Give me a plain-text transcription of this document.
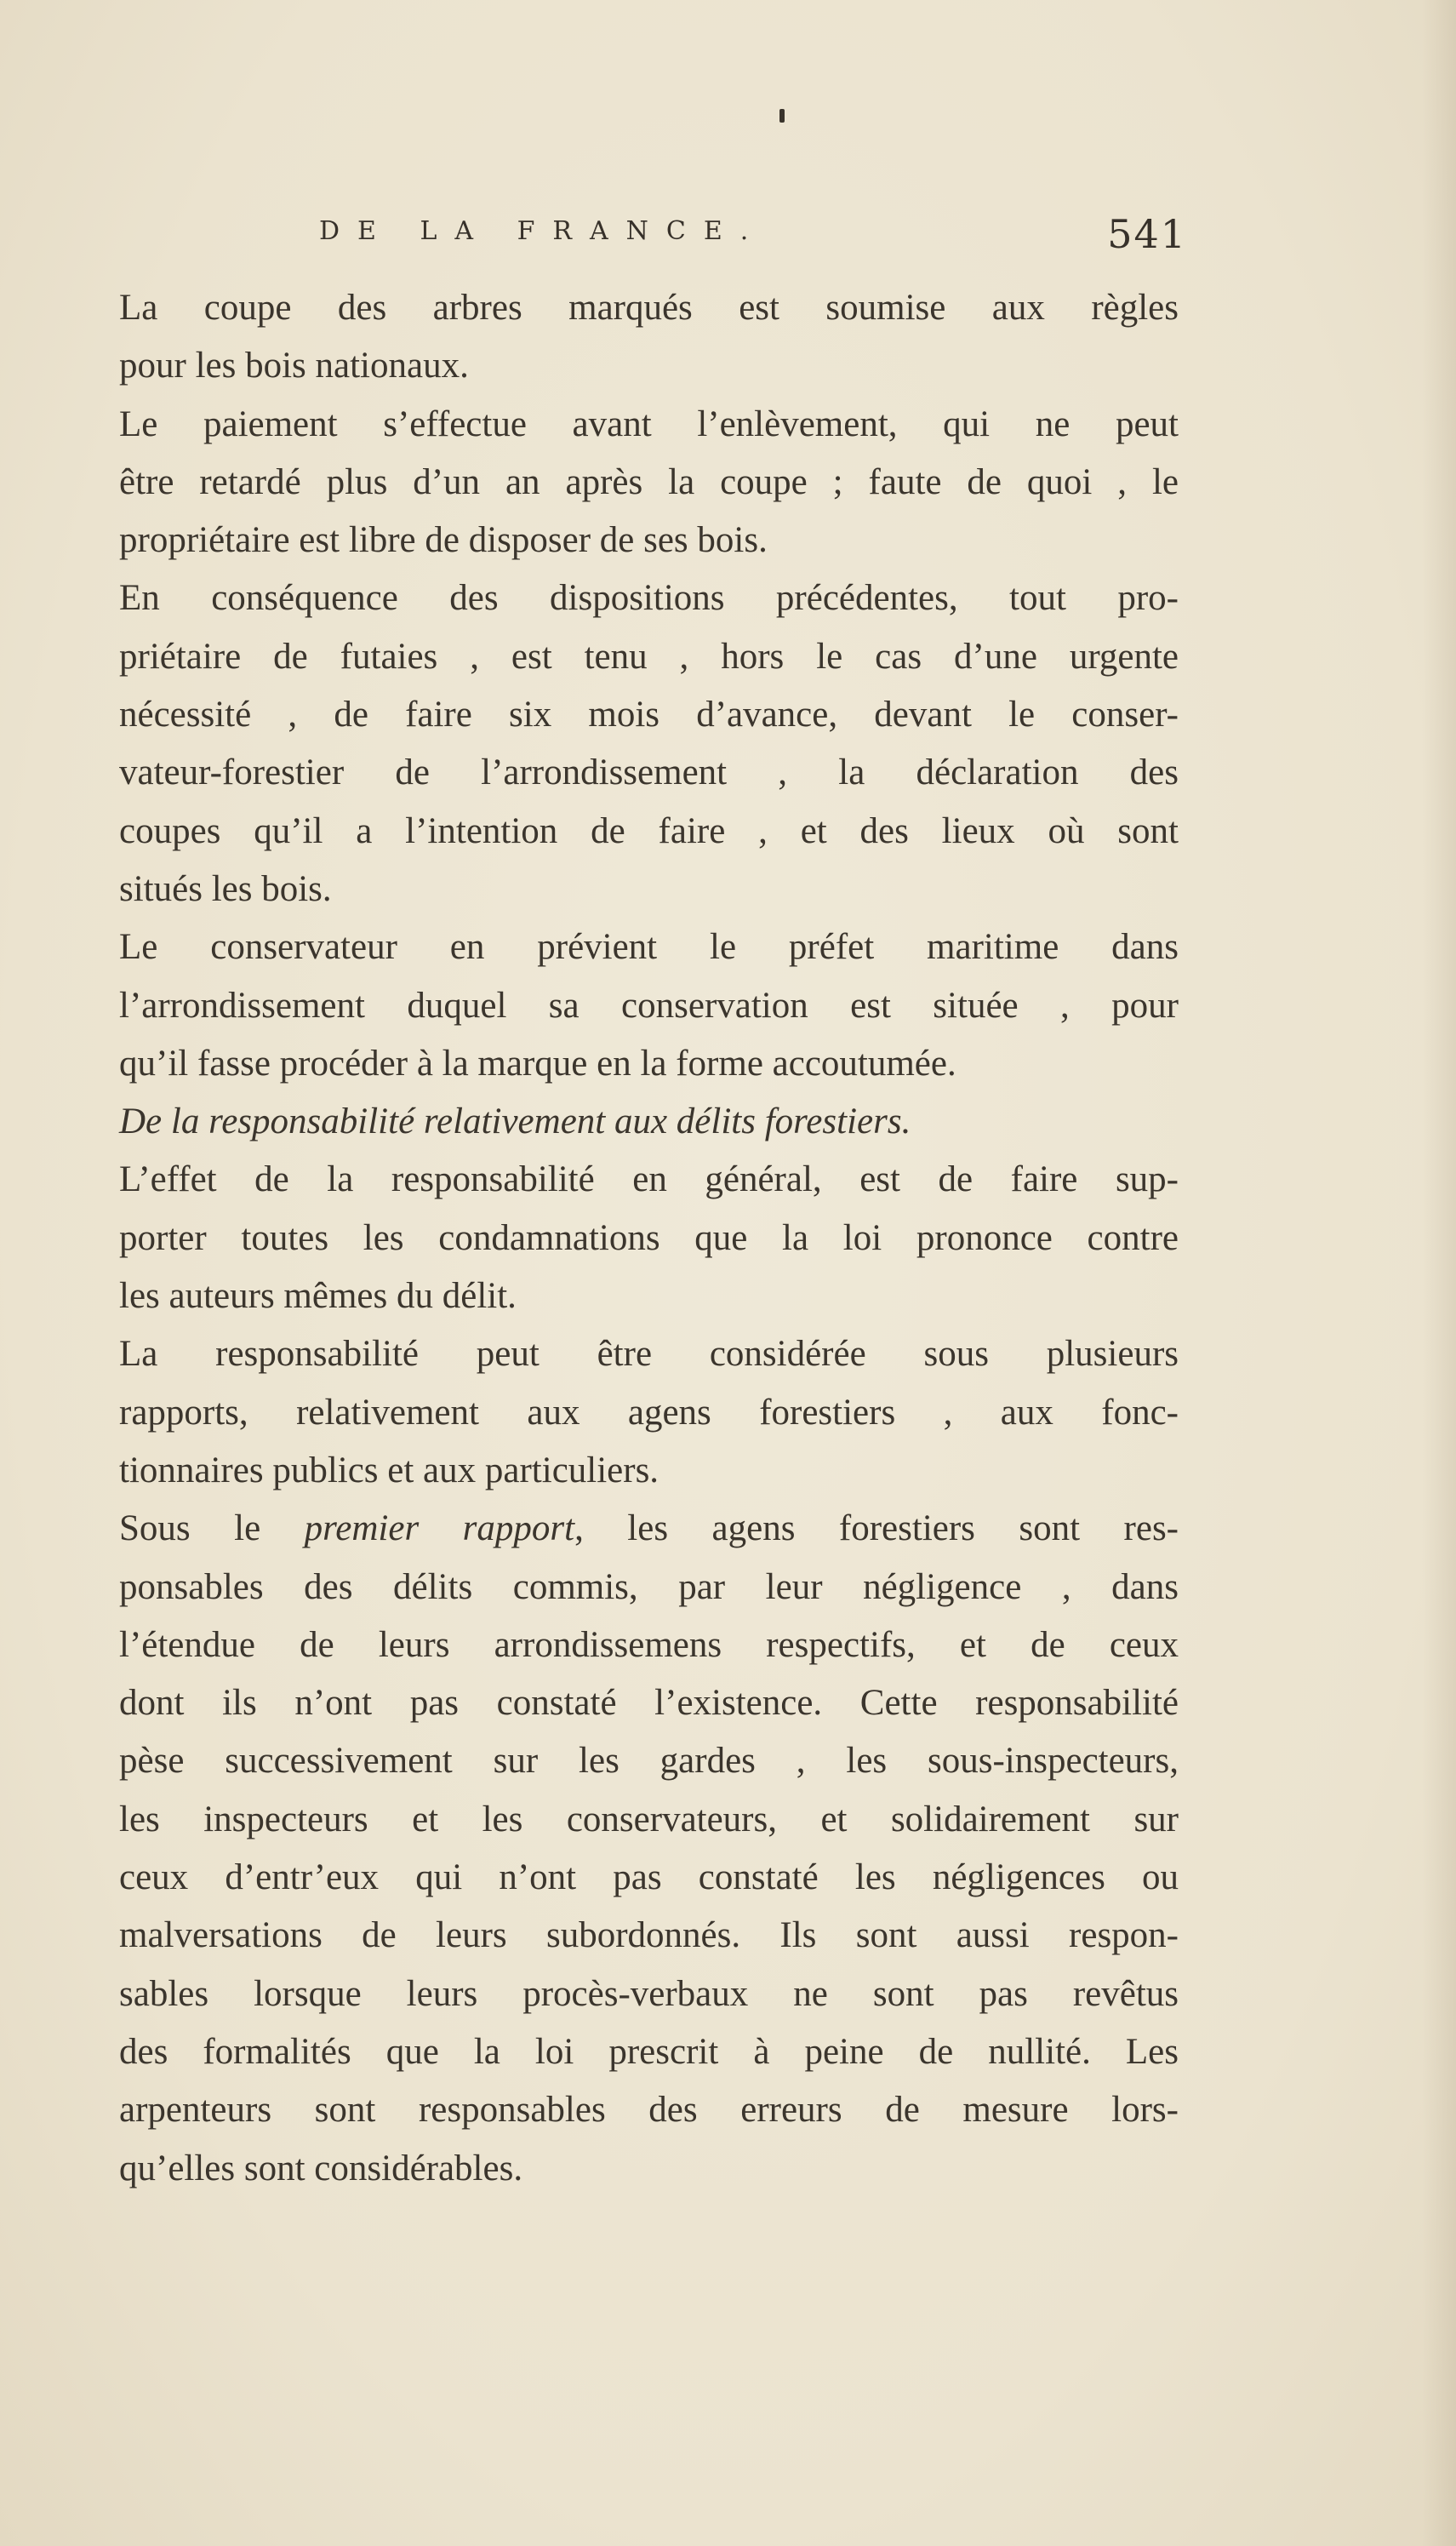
DE LA FRANCE.	541

La coupe des arbres marqués est soumise aux règles
pour les bois nationaux.

Le paiement s’effectue avant l’enlèvement, qui ne peut
être retardé plus d’un an après la coupe ; faute de quoi , le
propriétaire est libre de disposer de ses bois.

En conséquence des dispositions précédentes, tout pro-
priétaire de futaies , est tenu , hors le cas d’une urgente
nécessité , de faire six mois d’avance, devant le conser-
vateur-forestier de l’arrondissement , la déclaration des
coupes qu’il a l’intention de faire , et des lieux où sont
situés les bois.

Le conservateur en prévient le préfet maritime dans
l’arrondissement duquel sa conservation est située , pour
qu’il fasse procéder à la marque en la forme accoutumée.

De la responsabilité relativement aux délits forestiers.

L’effet de la responsabilité en général, est de faire sup-
porter toutes les condamnations que la loi prononce contre
les auteurs mêmes du délit.

La responsabilité peut être considérée sous plusieurs
rapports, relativement aux agens forestiers , aux fonc-
tionnaires publics et aux particuliers.

Sous le premier rapport, les agens forestiers sont res-
ponsables des délits commis, par leur négligence , dans
l’étendue de leurs arrondissemens respectifs, et de ceux
dont ils n’ont pas constaté l’existence. Cette responsabilité
pèse successivement sur les gardes , les sous-inspecteurs,
les inspecteurs et les conservateurs, et solidairement sur
ceux d’entr’eux qui n’ont pas constaté les négligences ou
malversations de leurs subordonnés. Ils sont aussi respon-
sables lorsque leurs procès-verbaux ne sont pas revêtus
des formalités que la loi prescrit à peine de nullité. Les
arpenteurs sont responsables des erreurs de mesure lors-
qu’elles sont considérables.
